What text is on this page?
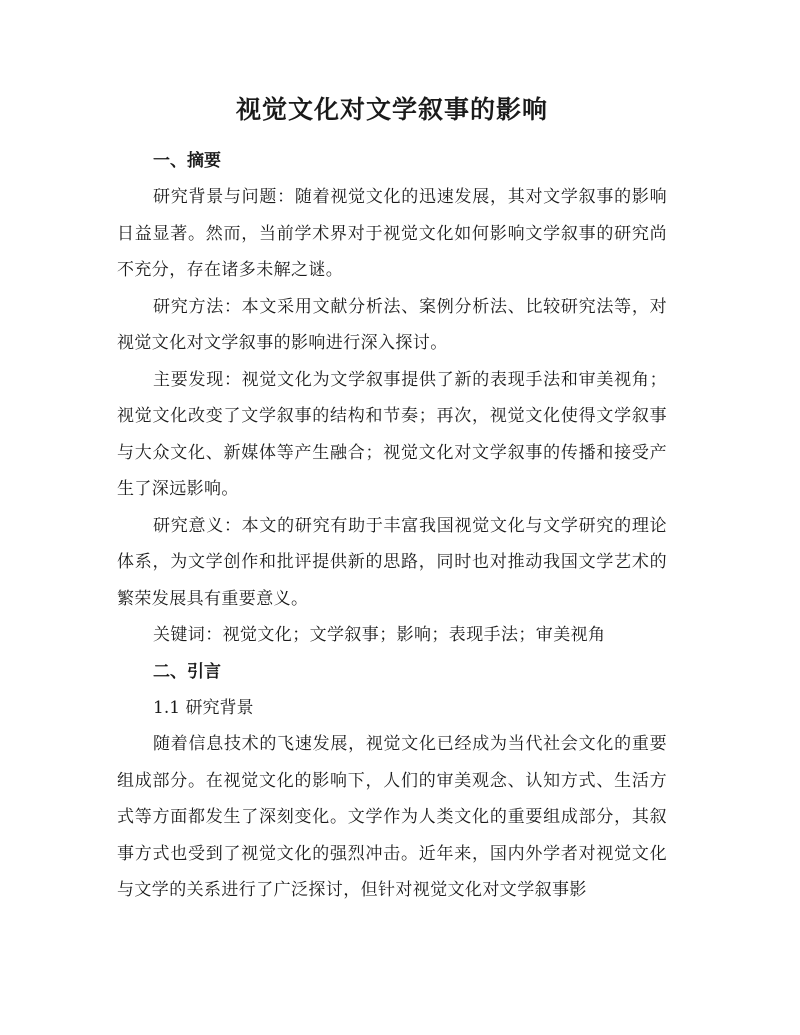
视觉文化对文学叙事的影响
一、摘要

研究背景与问题：随着视觉文化的迅速发展，其对文学叙事的影响日益显著。然而，当前学术界对于视觉文化如何影响文学叙事的研究尚不充分，存在诸多未解之谜。

研究方法：本文采用文献分析法、案例分析法、比较研究法等，对视觉文化对文学叙事的影响进行深入探讨。

主要发现：视觉文化为文学叙事提供了新的表现手法和审美视角；视觉文化改变了文学叙事的结构和节奏；再次，视觉文化使得文学叙事与大众文化、新媒体等产生融合；视觉文化对文学叙事的传播和接受产生了深远影响。

研究意义：本文的研究有助于丰富我国视觉文化与文学研究的理论体系，为文学创作和批评提供新的思路，同时也对推动我国文学艺术的繁荣发展具有重要意义。

关键词：视觉文化；文学叙事；影响；表现手法；审美视角

二、引言

1.1 研究背景

随着信息技术的飞速发展，视觉文化已经成为当代社会文化的重要组成部分。在视觉文化的影响下，人们的审美观念、认知方式、生活方式等方面都发生了深刻变化。文学作为人类文化的重要组成部分，其叙事方式也受到了视觉文化的强烈冲击。近年来，国内外学者对视觉文化与文学的关系进行了广泛探讨，但针对视觉文化对文学叙事影
